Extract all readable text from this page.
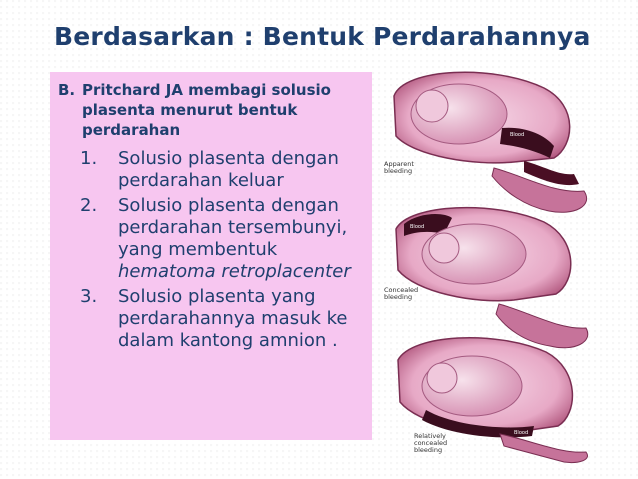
Berdasarkan : Bentuk Perdarahannya
B. Pritchard JA membagi solusio plasenta menurut bentuk perdarahan
1. Solusio plasenta dengan perdarahan keluar
2. Solusio plasenta dengan perdarahan tersembunyi, yang membentuk hematoma retroplacenter
3. Solusio plasenta yang perdarahannya masuk ke dalam kantong amnion .
Blood
Apparent bleeding
Blood
Concealed bleeding
Blood
Relatively concealed bleeding
